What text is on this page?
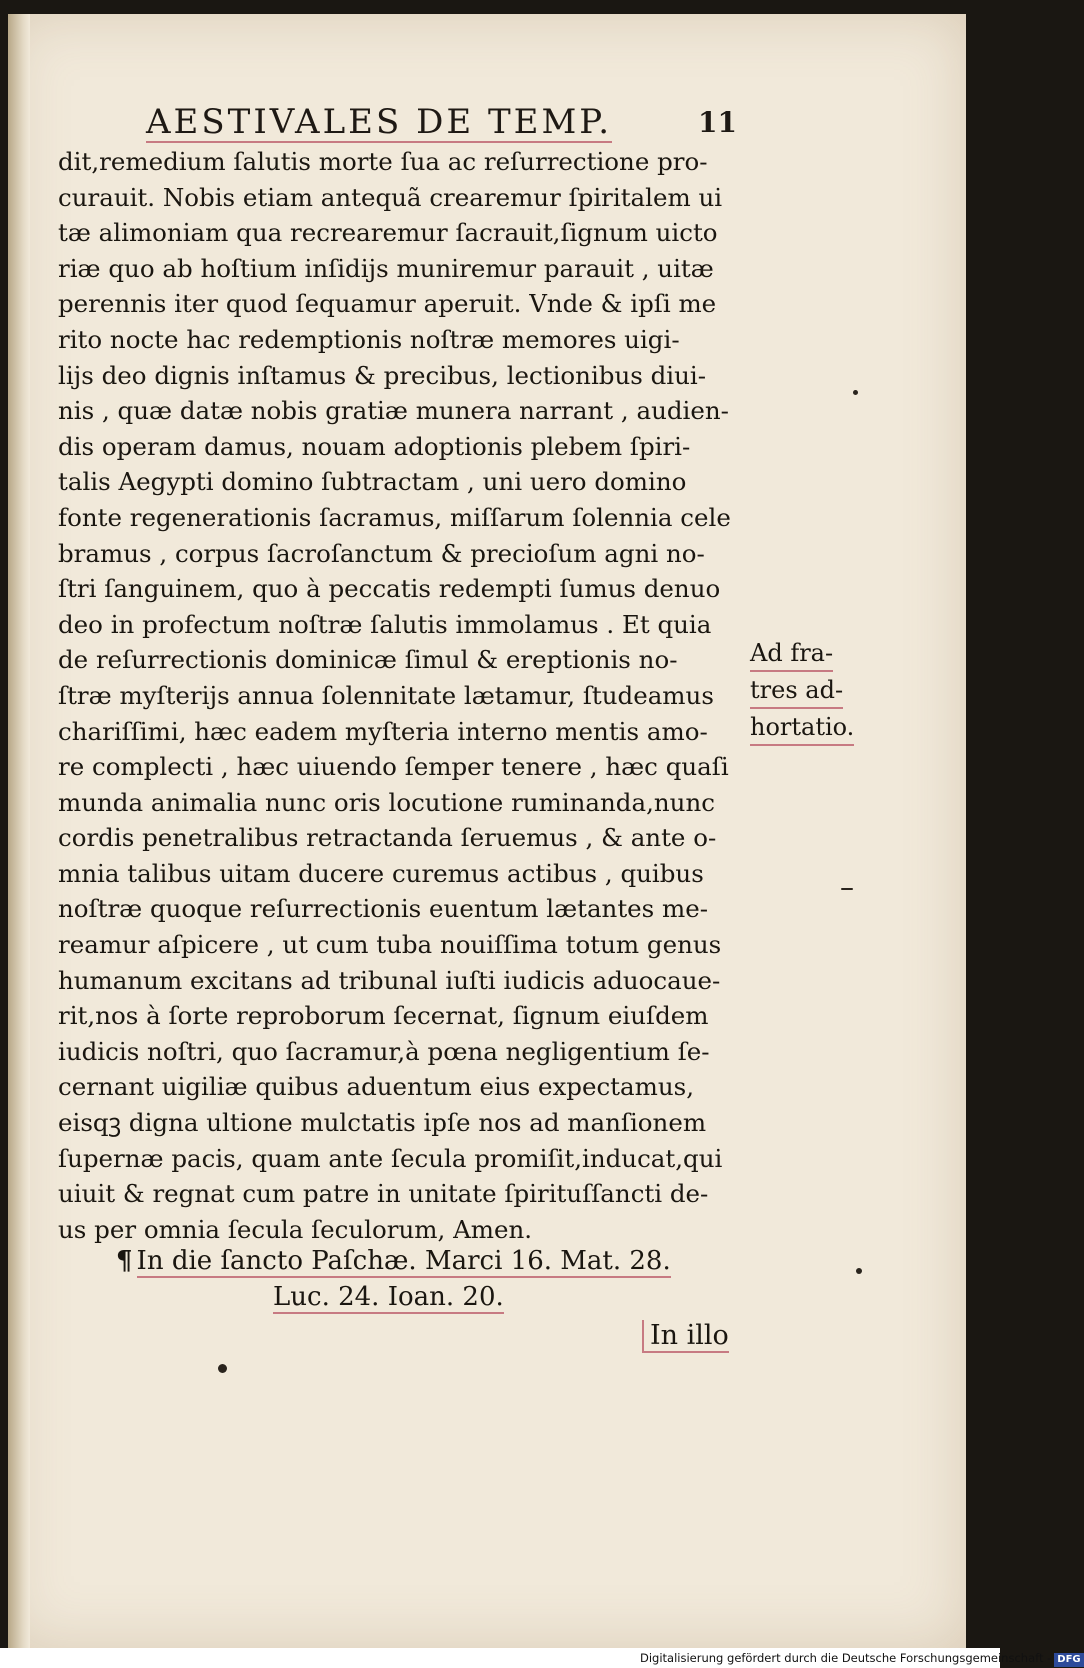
AESTIVALES DE TEMP.	11
dit,remedium ſalutis morte ſua ac reſurrectione pro-
curauit. Nobis etiam antequã crearemur ſpiritalem ui
tæ alimoniam qua recrearemur ſacrauit,ſignum uicto
riæ quo ab hoſtium inſidijs muniremur parauit , uitæ
perennis iter quod ſequamur aperuit. Vnde & ipſi me
rito nocte hac redemptionis noſtræ memores uigi-
lijs deo dignis inſtamus & precibus, lectionibus diui-
nis , quæ datæ nobis gratiæ munera narrant , audien-
dis operam damus, nouam adoptionis plebem ſpiri-
talis Aegypti domino ſubtractam , uni uero domino
fonte regenerationis ſacramus, miſſarum ſolennia cele
bramus , corpus ſacroſanctum & precioſum agni no-
ſtri ſanguinem, quo à peccatis redempti ſumus denuo
deo in profectum noſtræ ſalutis immolamus . Et quia
de reſurrectionis dominicæ ſimul & ereptionis no-
ſtræ myſterijs annua ſolennitate lætamur, ſtudeamus
chariſſimi, hæc eadem myſteria interno mentis amo-
re complecti , hæc uiuendo ſemper tenere , hæc quaſi
munda animalia nunc oris locutione ruminanda,nunc
cordis penetralibus retractanda ſeruemus , & ante o-
mnia talibus uitam ducere curemus actibus , quibus
noſtræ quoque reſurrectionis euentum lætantes me-
reamur aſpicere , ut cum tuba nouiſſima totum genus
humanum excitans ad tribunal iuſti iudicis aduocaue-
rit,nos à ſorte reproborum ſecernat, ſignum eiuſdem
iudicis noſtri, quo ſacramur,à pœna negligentium ſe-
cernant uigiliæ quibus aduentum eius expectamus,
eisqꝫ digna ultione mulctatis ipſe nos ad manſionem
ſupernæ pacis, quam ante ſecula promiſit,inducat,qui
uiuit & regnat cum patre in unitate ſpirituſſancti de-
us per omnia ſecula ſeculorum, Amen.
Ad fra-
tres ad-
hortatio.
¶ In die ſancto Paſchæ. Marci 16. Mat. 28.
Luc. 24. Ioan. 20.
In illo
Digitalisierung gefördert durch die Deutsche Forschungsgemeinschaft - DFG
